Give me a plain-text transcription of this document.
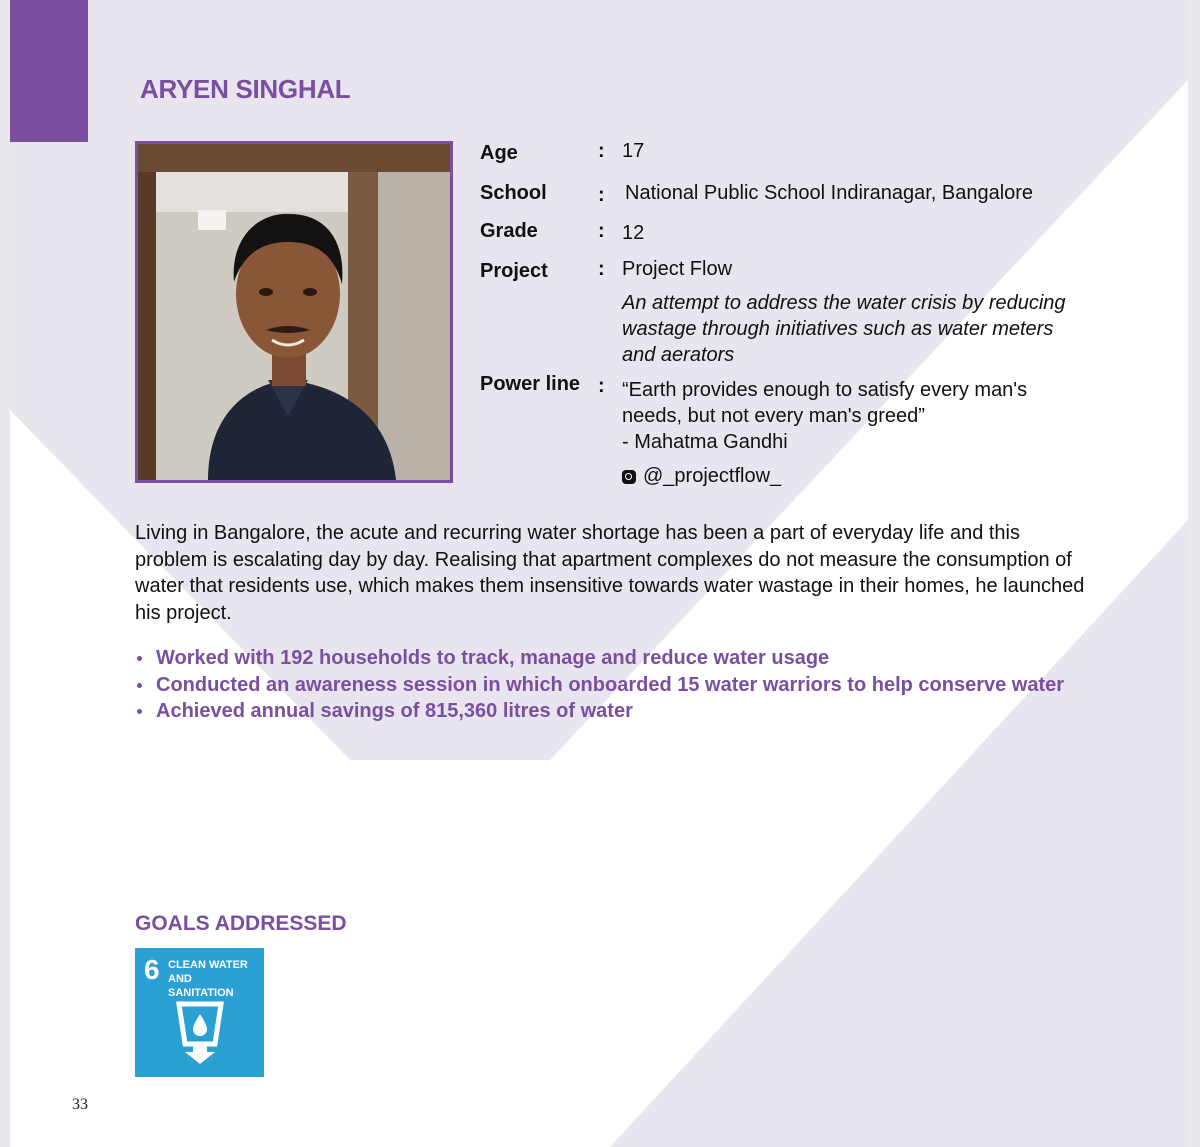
ARYEN SINGHAL
Age	: 17
School	: National Public School Indiranagar, Bangalore
Grade	: 12
Project	: Project Flow
An attempt to address the water crisis by reducing wastage through initiatives such as water meters and aerators
Power line : “Earth provides enough to satisfy every man's needs, but not every man's greed”
- Mahatma Gandhi
@_projectflow_

Living in Bangalore, the acute and recurring water shortage has been a part of everyday life and this problem is escalating day by day. Realising that apartment complexes do not measure the consumption of water that residents use, which makes them insensitive towards water wastage in their homes, he launched his project.

Worked with 192 households to track, manage and reduce water usage
Conducted an awareness session in which onboarded 15 water warriors to help conserve water
Achieved annual savings of 815,360 litres of water
GOALS ADDRESSED
6 CLEAN WATER
AND SANITATION
33
